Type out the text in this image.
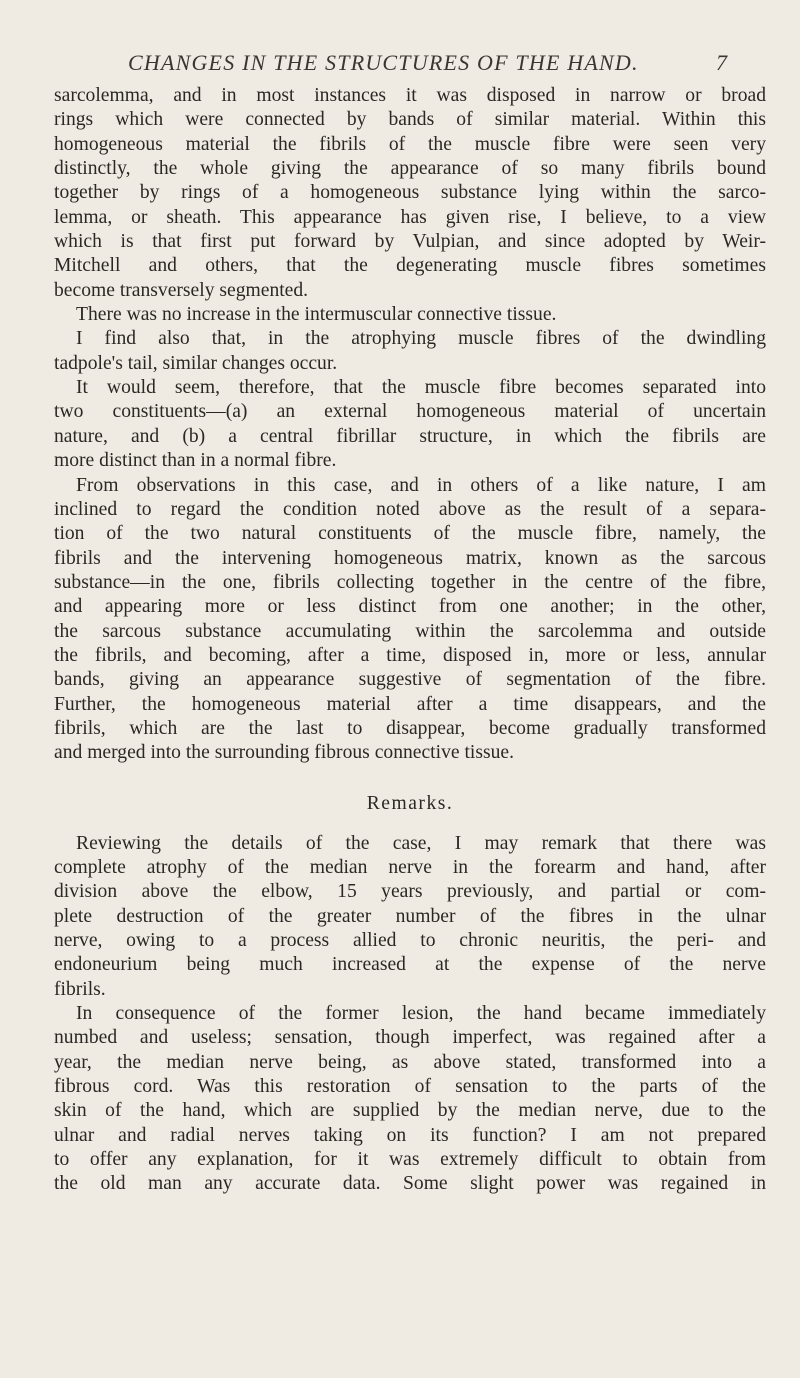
CHANGES IN THE STRUCTURES OF THE HAND.	7
sarcolemma, and in most instances it was disposed in narrow or broad
rings which were connected by bands of similar material. Within this
homogeneous material the fibrils of the muscle fibre were seen very
distinctly, the whole giving the appearance of so many fibrils bound
together by rings of a homogeneous substance lying within the sarco-
lemma, or sheath. This appearance has given rise, I believe, to a view
which is that first put forward by Vulpian, and since adopted by Weir-
Mitchell and others, that the degenerating muscle fibres sometimes
become transversely segmented.
There was no increase in the intermuscular connective tissue.
I find also that, in the atrophying muscle fibres of the dwindling
tadpole's tail, similar changes occur.
It would seem, therefore, that the muscle fibre becomes separated into
two constituents—(a) an external homogeneous material of uncertain
nature, and (b) a central fibrillar structure, in which the fibrils are
more distinct than in a normal fibre.
From observations in this case, and in others of a like nature, I am
inclined to regard the condition noted above as the result of a separa-
tion of the two natural constituents of the muscle fibre, namely, the
fibrils and the intervening homogeneous matrix, known as the sarcous
substance—in the one, fibrils collecting together in the centre of the fibre,
and appearing more or less distinct from one another; in the other,
the sarcous substance accumulating within the sarcolemma and outside
the fibrils, and becoming, after a time, disposed in, more or less, annular
bands, giving an appearance suggestive of segmentation of the fibre.
Further, the homogeneous material after a time disappears, and the
fibrils, which are the last to disappear, become gradually transformed
and merged into the surrounding fibrous connective tissue.
Remarks.
Reviewing the details of the case, I may remark that there was
complete atrophy of the median nerve in the forearm and hand, after
division above the elbow, 15 years previously, and partial or com-
plete destruction of the greater number of the fibres in the ulnar
nerve, owing to a process allied to chronic neuritis, the peri- and
endoneurium being much increased at the expense of the nerve
fibrils.
In consequence of the former lesion, the hand became immediately
numbed and useless; sensation, though imperfect, was regained after a
year, the median nerve being, as above stated, transformed into a
fibrous cord. Was this restoration of sensation to the parts of the
skin of the hand, which are supplied by the median nerve, due to the
ulnar and radial nerves taking on its function? I am not prepared
to offer any explanation, for it was extremely difficult to obtain from
the old man any accurate data. Some slight power was regained in
